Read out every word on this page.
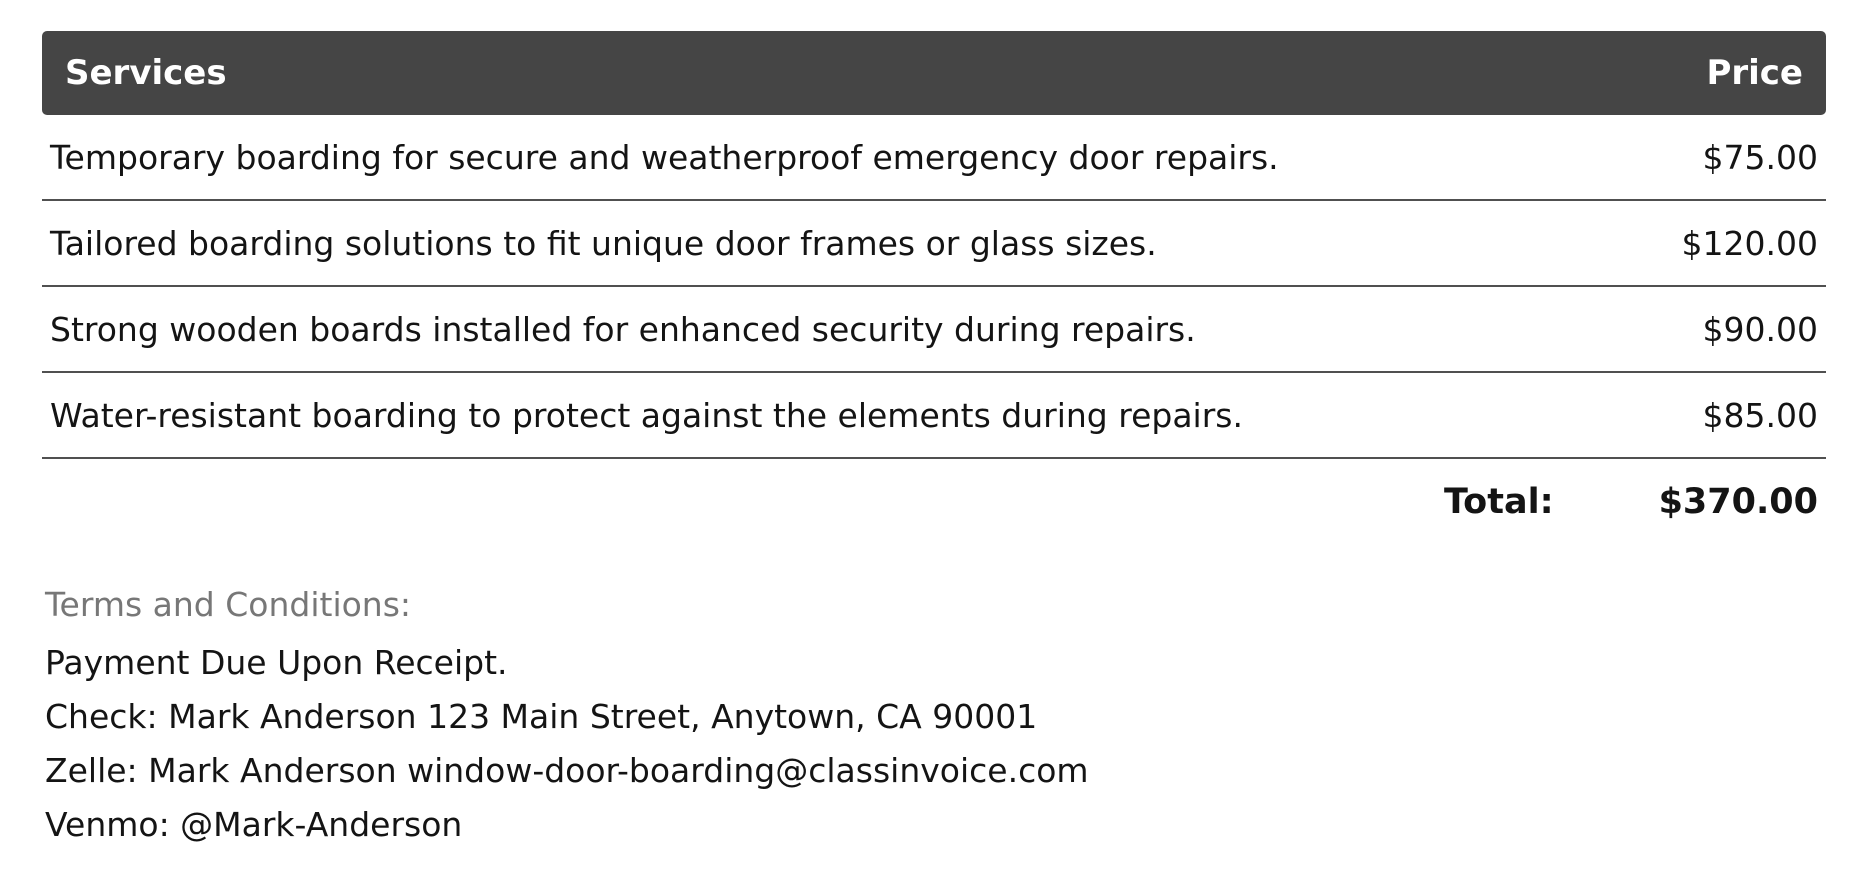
Services	Price
Temporary boarding for secure and weatherproof emergency door repairs.	$75.00
Tailored boarding solutions to fit unique door frames or glass sizes.	$120.00
Strong wooden boards installed for enhanced security during repairs.	$90.00
Water-resistant boarding to protect against the elements during repairs.	$85.00
Total:	$370.00
Terms and Conditions:
Payment Due Upon Receipt.
Check: Mark Anderson 123 Main Street, Anytown, CA 90001
Zelle: Mark Anderson window-door-boarding@classinvoice.com
Venmo: @Mark-Anderson
